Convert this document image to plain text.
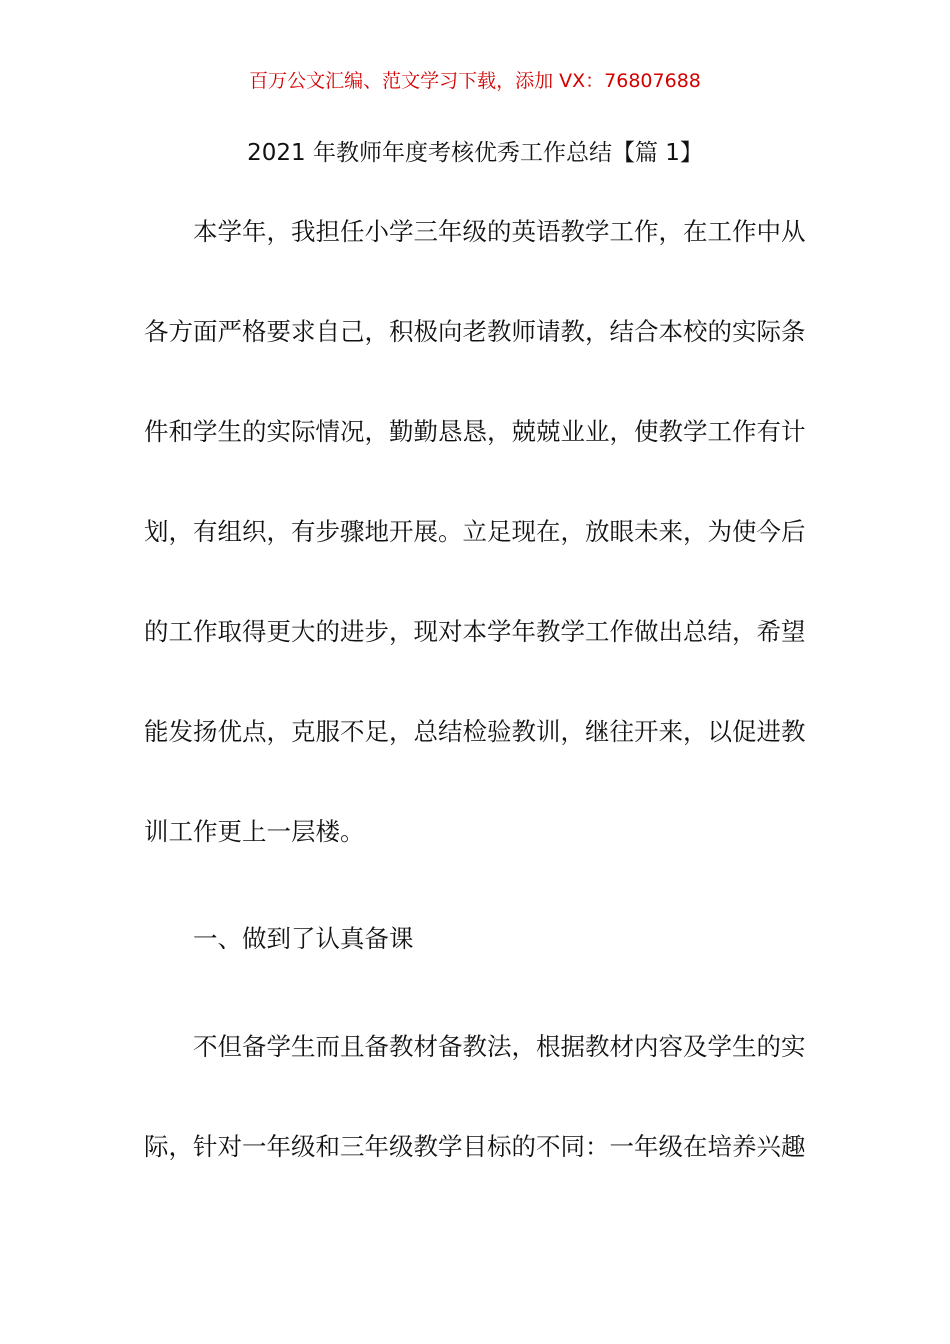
百万公文汇编、范文学习下载，添加 VX：76807688
2021 年教师年度考核优秀工作总结【篇 1】
本学年，我担任小学三年级的英语教学工作，在工作中从
各方面严格要求自己，积极向老教师请教，结合本校的实际条
件和学生的实际情况，勤勤恳恳，兢兢业业，使教学工作有计
划，有组织，有步骤地开展。立足现在，放眼未来，为使今后
的工作取得更大的进步，现对本学年教学工作做出总结，希望
能发扬优点，克服不足，总结检验教训，继往开来，以促进教
训工作更上一层楼。
一、做到了认真备课
不但备学生而且备教材备教法，根据教材内容及学生的实
际，针对一年级和三年级教学目标的不同：一年级在培养兴趣
